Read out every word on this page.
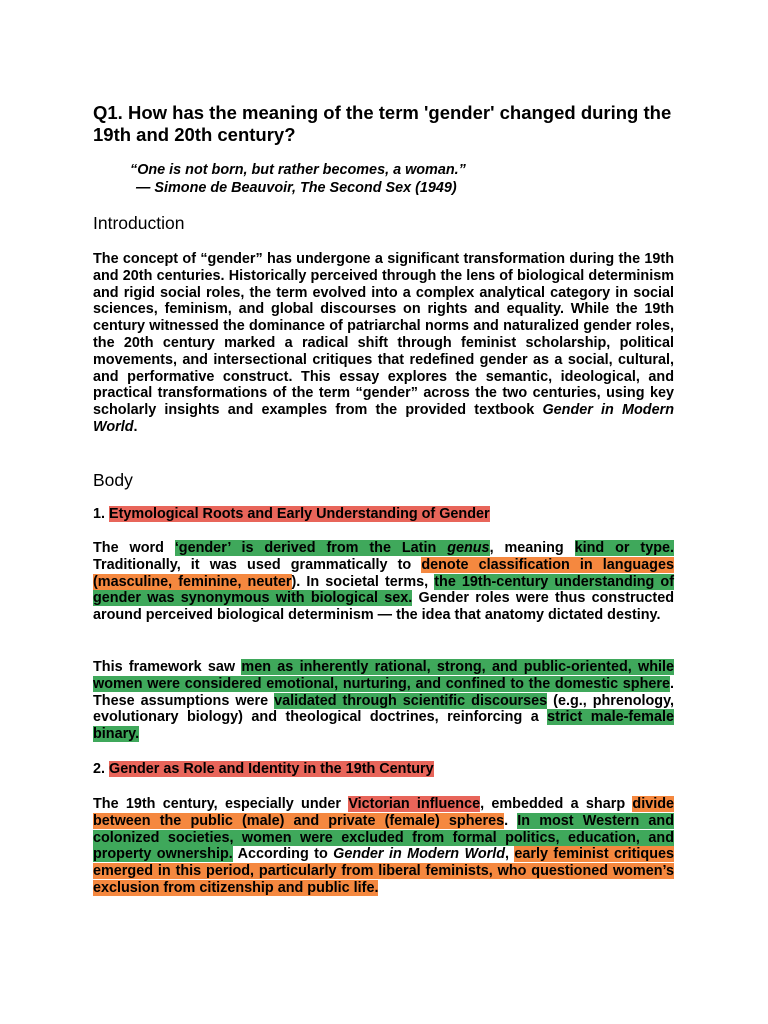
Q1. How has the meaning of the term 'gender' changed during the 19th and 20th century?
“One is not born, but rather becomes, a woman.”
— Simone de Beauvoir, The Second Sex (1949)
Introduction

The concept of “gender” has undergone a significant transformation during the 19th and 20th centuries. Historically perceived through the lens of biological determinism and rigid social roles, the term evolved into a complex analytical category in social sciences, feminism, and global discourses on rights and equality. While the 19th century witnessed the dominance of patriarchal norms and naturalized gender roles, the 20th century marked a radical shift through feminist scholarship, political movements, and intersectional critiques that redefined gender as a social, cultural, and performative construct. This essay explores the semantic, ideological, and practical transformations of the term “gender” across the two centuries, using key scholarly insights and examples from the provided textbook Gender in Modern World.

Body
1. Etymological Roots and Early Understanding of Gender

The word ‘gender’ is derived from the Latin genus, meaning kind or type. Traditionally, it was used grammatically to denote classification in languages (masculine, feminine, neuter). In societal terms, the 19th-century understanding of gender was synonymous with biological sex. Gender roles were thus constructed around perceived biological determinism — the idea that anatomy dictated destiny.

This framework saw men as inherently rational, strong, and public-oriented, while women were considered emotional, nurturing, and confined to the domestic sphere. These assumptions were validated through scientific discourses (e.g., phrenology, evolutionary biology) and theological doctrines, reinforcing a strict male-female binary.

2. Gender as Role and Identity in the 19th Century

The 19th century, especially under Victorian influence, embedded a sharp divide between the public (male) and private (female) spheres. In most Western and colonized societies, women were excluded from formal politics, education, and property ownership. According to Gender in Modern World, early feminist critiques emerged in this period, particularly from liberal feminists, who questioned women’s exclusion from citizenship and public life.
